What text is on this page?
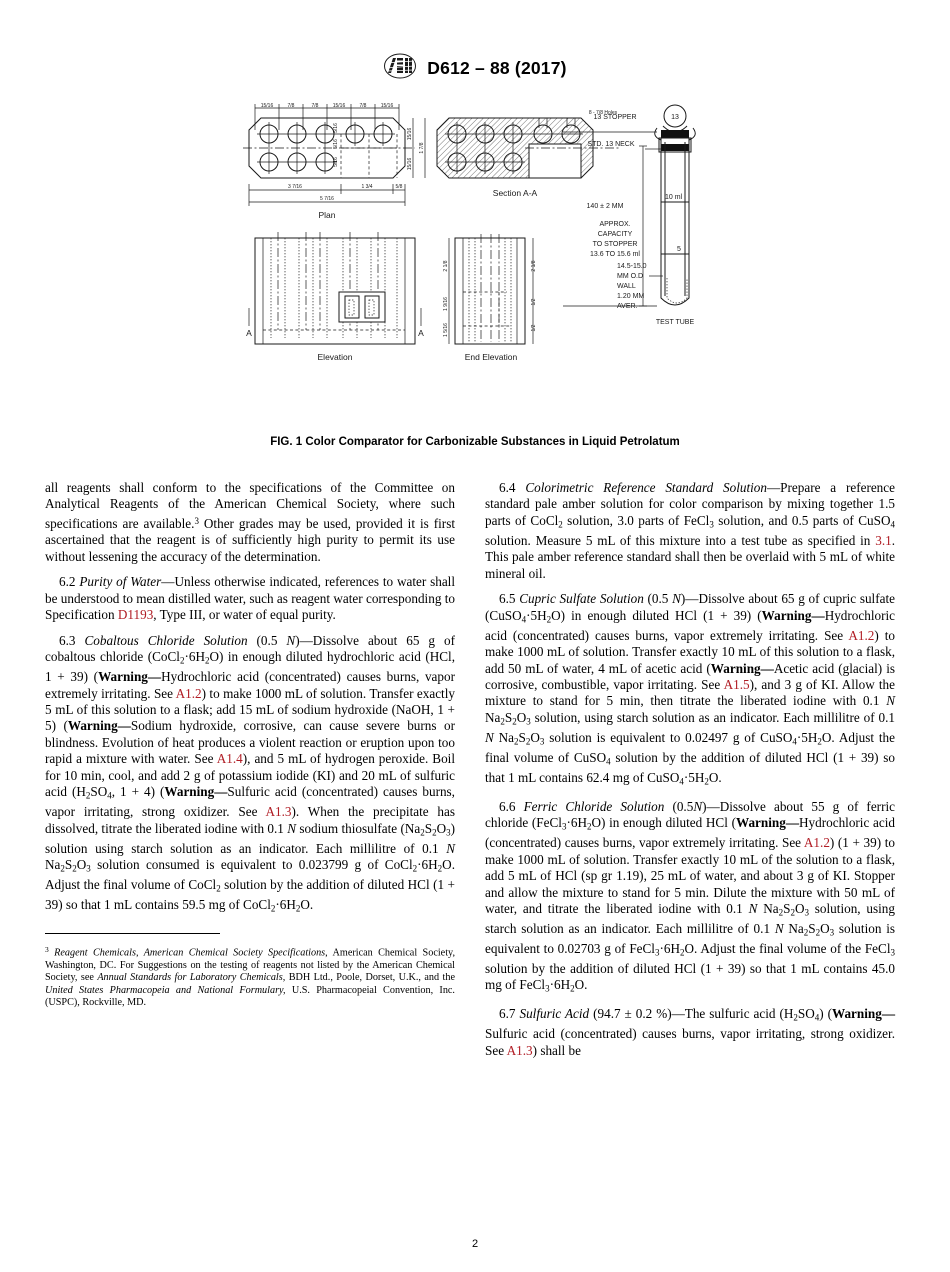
D612 – 88 (2017)
15/16	7/8	7/8	15/16	7/8	15/16
5/16
5/16
5/16
15/16
15/16
1 7/8
3 7/16	1 3/4	5/8
5 7/16
Plan
8 - 7/8 Holes
Section A-A
A	A
Elevation
2 1/8
1 9/16
1 5/16
2 1/8
1/2
1/2
End Elevation
13
13 STOPPER
STD. 13 NECK
10 ml
5
140 ± 2 MM
APPROX.
CAPACITY
TO STOPPER
13.6 TO 15.6 ml
14.5-15.0
MM O.D
WALL
1.20 MM
AVER.
TEST TUBE
FIG. 1 Color Comparator for Carbonizable Substances in Liquid Petrolatum

all reagents shall conform to the specifications of the Committee on Analytical Reagents of the American Chemical Society, where such specifications are available.$^3$ Other grades may be used, provided it is first ascertained that the reagent is of sufficiently high purity to permit its use without lessening the accuracy of the determination.

6.2 Purity of Water—Unless otherwise indicated, references to water shall be understood to mean distilled water, such as reagent water corresponding to Specification D1193, Type III, or water of equal purity.

6.3 Cobaltous Chloride Solution (0.5 N)—Dissolve about 65 g of cobaltous chloride $(CoCl_2\cdot 6H_2O)$ in enough diluted hydrochloric acid (HCl, 1 + 39) (Warning—Hydrochloric acid (concentrated) causes burns, vapor extremely irritating. See A1.2) to make 1000 mL of solution. Transfer exactly 5 mL of this solution to a flask; add 15 mL of sodium hydroxide (NaOH, 1 + 5) (Warning—Sodium hydroxide, corrosive, can cause severe burns or blindness. Evolution of heat produces a violent reaction or eruption upon too rapid a mixture with water. See A1.4), and 5 mL of hydrogen peroxide. Boil for 10 min, cool, and add 2 g of potassium iodide (KI) and 20 mL of sulfuric acid ($H_2SO_4$, 1 + 4) (Warning—Sulfuric acid (concentrated) causes burns, vapor irritating, strong oxidizer. See A1.3). When the precipitate has dissolved, titrate the liberated iodine with 0.1 N sodium thiosulfate $(Na_2S_2O_3)$ solution using starch solution as an indicator. Each millilitre of 0.1 N $Na_2S_2O_3$ solution consumed is equivalent to 0.023799 g of $CoCl_2\cdot 6H_2O$. Adjust the final volume of CoCl$_2$ solution by the addition of diluted HCl (1 + 39) so that 1 mL contains 59.5 mg of $CoCl_2\cdot 6H_2O$.

$^3$ Reagent Chemicals, American Chemical Society Specifications, American Chemical Society, Washington, DC. For Suggestions on the testing of reagents not listed by the American Chemical Society, see Annual Standards for Laboratory Chemicals, BDH Ltd., Poole, Dorset, U.K., and the United States Pharmacopeia and National Formulary, U.S. Pharmacopeial Convention, Inc. (USPC), Rockville, MD.

6.4 Colorimetric Reference Standard Solution—Prepare a reference standard pale amber solution for color comparison by mixing together 1.5 parts of CoCl$_2$ solution, 3.0 parts of FeCl$_3$ solution, and 0.5 parts of CuSO$_4$ solution. Measure 5 mL of this mixture into a test tube as specified in 3.1. This pale amber reference standard shall then be overlaid with 5 mL of white mineral oil.

6.5 Cupric Sulfate Solution (0.5 N)—Dissolve about 65 g of cupric sulfate $(CuSO_4\cdot 5H_2O)$ in enough diluted HCl (1 + 39) (Warning—Hydrochloric acid (concentrated) causes burns, vapor extremely irritating. See A1.2) to make 1000 mL of solution. Transfer exactly 10 mL of this solution to a flask, add 50 mL of water, 4 mL of acetic acid (Warning—Acetic acid (glacial) is corrosive, combustible, vapor irritating. See A1.5), and 3 g of KI. Allow the mixture to stand for 5 min, then titrate the liberated iodine with 0.1 N $Na_2S_2O_3$ solution, using starch solution as an indicator. Each millilitre of 0.1 N $Na_2S_2O_3$ solution is equivalent to 0.02497 g of $CuSO_4\cdot 5H_2O$. Adjust the final volume of CuSO$_4$ solution by the addition of diluted HCl (1 + 39) so that 1 mL contains 62.4 mg of $CuSO_4\cdot 5H_2O$.

6.6 Ferric Chloride Solution (0.5N)—Dissolve about 55 g of ferric chloride $(FeCl_3\cdot 6H_2O)$ in enough diluted HCl (Warning—Hydrochloric acid (concentrated) causes burns, vapor extremely irritating. See A1.2) (1 + 39) to make 1000 mL of solution. Transfer exactly 10 mL of the solution to a flask, add 5 mL of HCl (sp gr 1.19), 25 mL of water, and about 3 g of KI. Stopper and allow the mixture to stand for 5 min. Dilute the mixture with 50 mL of water, and titrate the liberated iodine with 0.1 N $Na_2S_2O_3$ solution, using starch solution as an indicator. Each millilitre of 0.1 N $Na_2S_2O_3$ solution is equivalent to 0.02703 g of $FeCl_3\cdot 6H_2O$. Adjust the final volume of the FeCl$_3$ solution by the addition of diluted HCl (1 + 39) so that 1 mL contains 45.0 mg of $FeCl_3\cdot 6H_2O$.

6.7 Sulfuric Acid (94.7 ± 0.2 %)—The sulfuric acid $(H_2SO_4)$ (Warning—Sulfuric acid (concentrated) causes burns, vapor irritating, strong oxidizer. See A1.3) shall be

2
